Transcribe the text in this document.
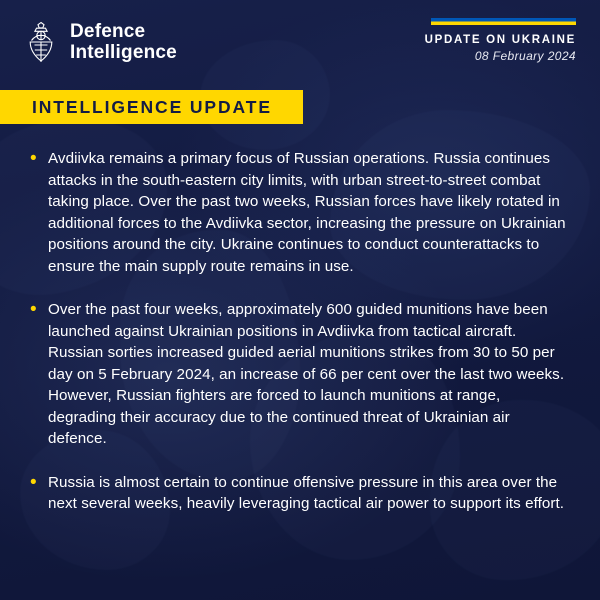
Defence
Intelligence
UPDATE ON UKRAINE
08 February 2024
INTELLIGENCE UPDATE
• Avdiivka remains a primary focus of Russian operations. Russia continues attacks in the south-eastern city limits, with urban street-to-street combat taking place. Over the past two weeks, Russian forces have likely rotated in additional forces to the Avdiivka sector, increasing the pressure on Ukrainian positions around the city. Ukraine continues to conduct counterattacks to ensure the main supply route remains in use.
• Over the past four weeks, approximately 600 guided munitions have been launched against Ukrainian positions in Avdiivka from tactical aircraft. Russian sorties increased guided aerial munitions strikes from 30 to 50 per day on 5 February 2024, an increase of 66 per cent over the last two weeks. However, Russian fighters are forced to launch munitions at range, degrading their accuracy due to the continued threat of Ukrainian air defence.
• Russia is almost certain to continue offensive pressure in this area over the next several weeks, heavily leveraging tactical air power to support its effort.
